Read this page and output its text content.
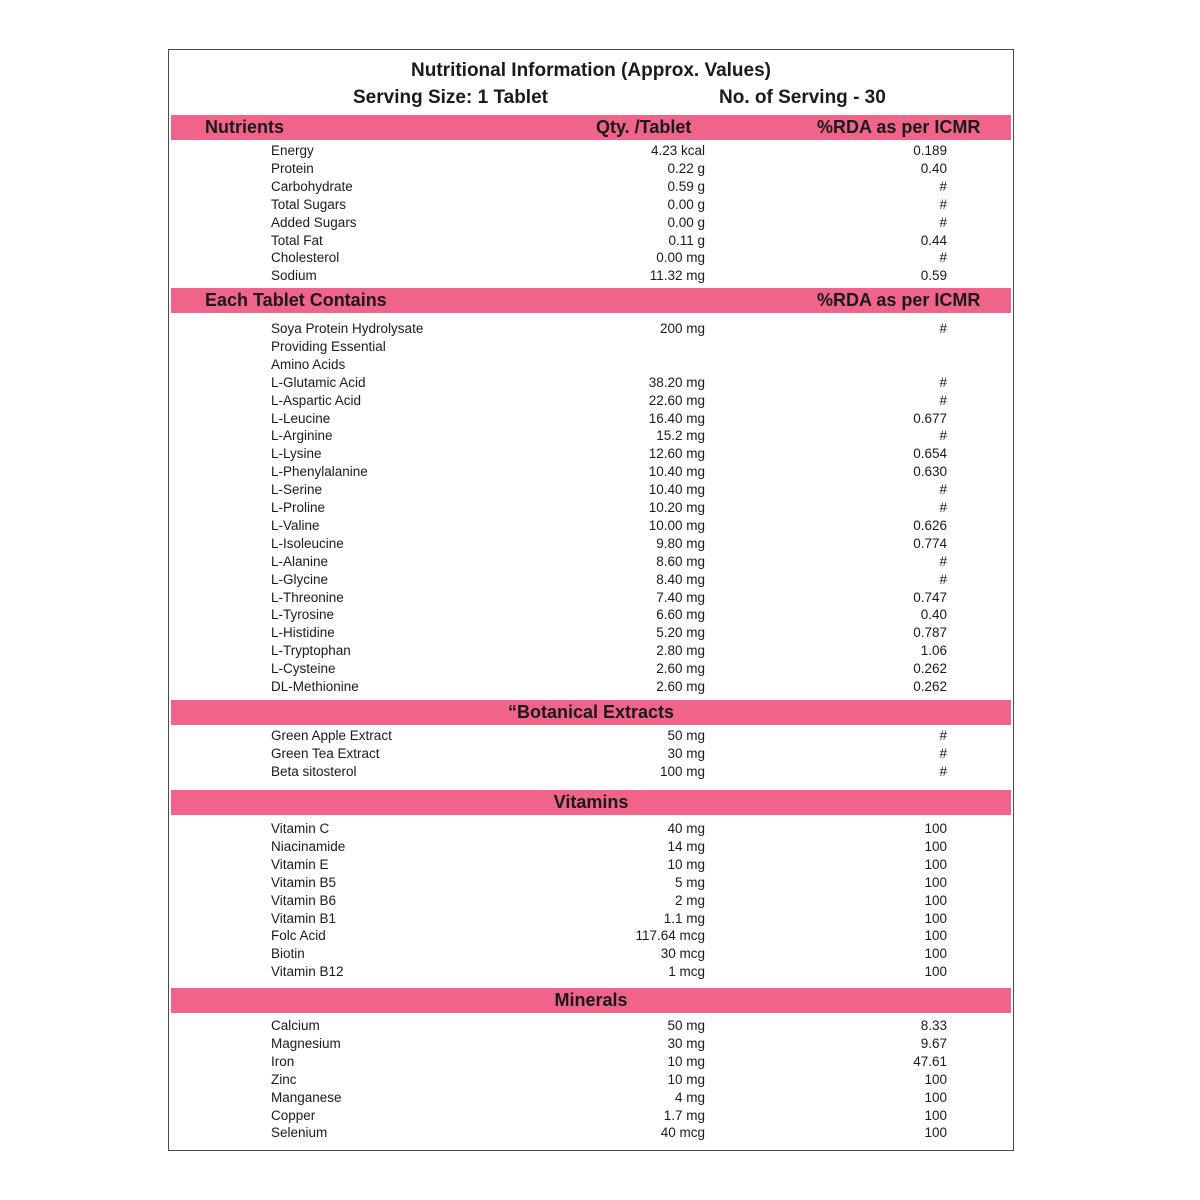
Nutritional Information (Approx. Values)
Serving Size: 1 Tablet	No. of Serving - 30
Nutrients	Qty. /Tablet	%RDA as per ICMR
Energy	4.23 kcal	0.189
Protein	0.22 g	0.40
Carbohydrate	0.59 g	#
Total Sugars	0.00 g	#
Added Sugars	0.00 g	#
Total Fat	0.11 g	0.44
Cholesterol	0.00 mg	#
Sodium	11.32 mg	0.59
Each Tablet Contains	%RDA as per ICMR
Soya Protein Hydrolysate	200 mg	#
Providing Essential
Amino Acids
L-Glutamic Acid	38.20 mg	#
L-Aspartic Acid	22.60 mg	#
L-Leucine	16.40 mg	0.677
L-Arginine	15.2 mg	#
L-Lysine	12.60 mg	0.654
L-Phenylalanine	10.40 mg	0.630
L-Serine	10.40 mg	#
L-Proline	10.20 mg	#
L-Valine	10.00 mg	0.626
L-Isoleucine	9.80 mg	0.774
L-Alanine	8.60 mg	#
L-Glycine	8.40 mg	#
L-Threonine	7.40 mg	0.747
L-Tyrosine	6.60 mg	0.40
L-Histidine	5.20 mg	0.787
L-Tryptophan	2.80 mg	1.06
L-Cysteine	2.60 mg	0.262
DL-Methionine	2.60 mg	0.262
“Botanical Extracts
Green Apple Extract	50 mg	#
Green Tea Extract	30 mg	#
Beta sitosterol	100 mg	#
Vitamins
Vitamin C	40 mg	100
Niacinamide	14 mg	100
Vitamin E	10 mg	100
Vitamin B5	5 mg	100
Vitamin B6	2 mg	100
Vitamin B1	1.1 mg	100
Folc Acid	117.64 mcg	100
Biotin	30 mcg	100
Vitamin B12	1 mcg	100
Minerals
Calcium	50 mg	8.33
Magnesium	30 mg	9.67
Iron	10 mg	47.61
Zinc	10 mg	100
Manganese	4 mg	100
Copper	1.7 mg	100
Selenium	40 mcg	100
